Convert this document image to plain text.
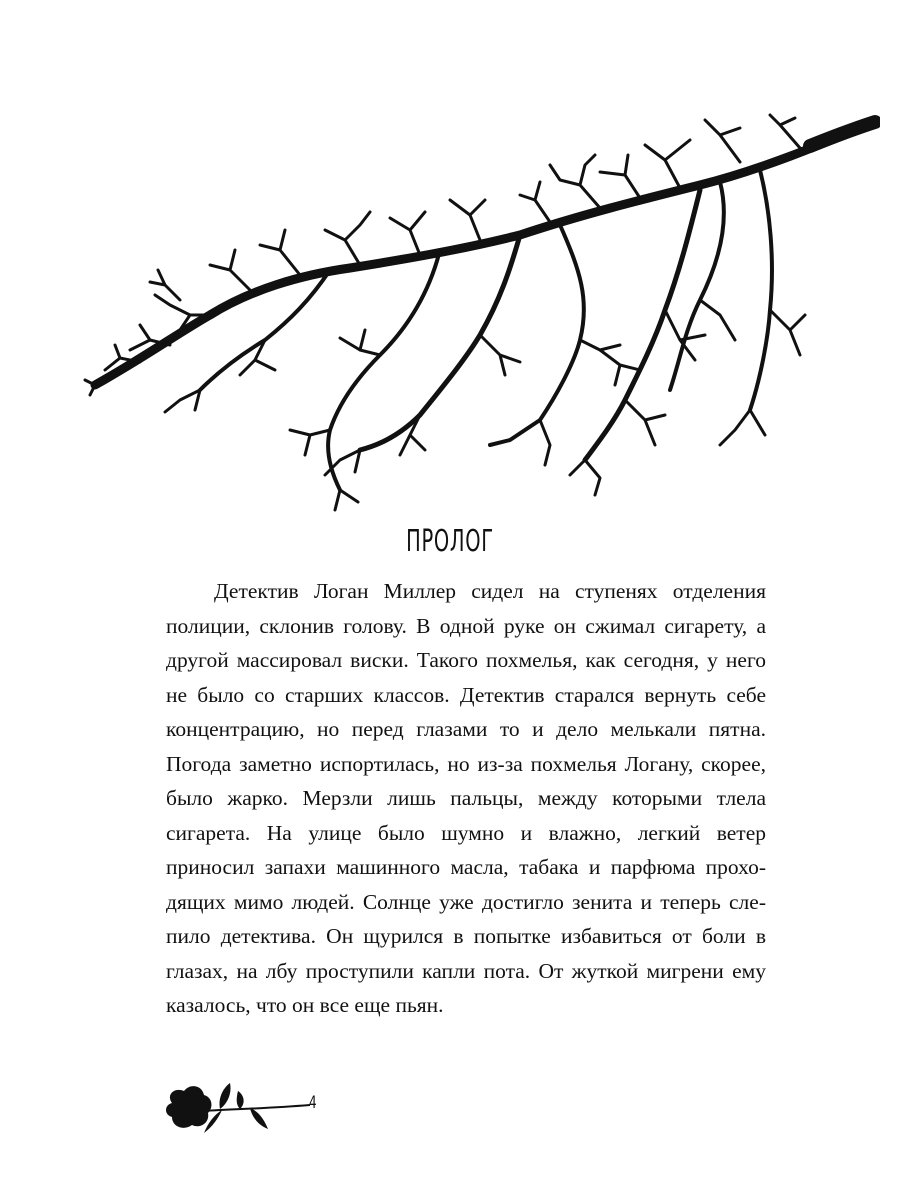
ПРОЛОГ

Детектив Логан Миллер сидел на ступенях отделения полиции, склонив голову. В одной руке он сжимал сигарету, а другой массировал виски. Такого похмелья, как сегодня, у него не было со старших классов. Детектив старался вернуть себе концентрацию, но перед глазами то и дело мелькали пятна. Погода заметно испортилась, но из-за похмелья Логану, скорее, было жарко. Мерзли лишь пальцы, между которыми тлела сигарета. На улице было шумно и влажно, легкий ветер приносил запахи машинного масла, табака и парфюма проходящих мимо людей. Солнце уже достигло зенита и теперь слепило детектива. Он щурился в попытке избавиться от боли в глазах, на лбу проступили капли пота. От жуткой мигрени ему казалось, что он все еще пьян.

4
